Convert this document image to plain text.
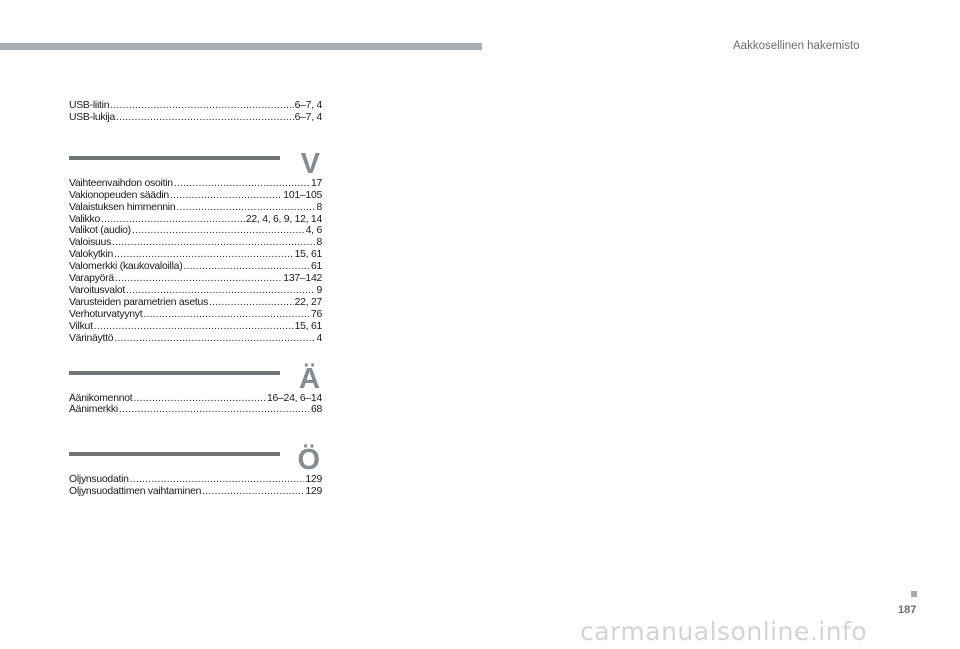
Aakkosellinen hakemisto
USB-liitin .....	6–7, 4
USB-lukija .....	6–7, 4
V
Vaihteenvaihdon osoitin .....	17
Vakionopeuden säädin .....	101–105
Valaistuksen himmennin .....	8
Valikko .....	22, 4, 6, 9, 12, 14
Valikot (audio) .....	4, 6
Valoisuus .....	8
Valokytkin .....	15, 61
Valomerkki (kaukovaloilla) .....	61
Varapyörä .....	137–142
Varoitusvalot .....	9
Varusteiden parametrien asetus .....	22, 27
Verhoturvatyynyt .....	76
Vilkut .....	15, 61
Värinäyttö .....	4
Ä
Äänikomennot .....	16–24, 6–14
Äänimerkki .....	68
Ö
Öljynsuodatin .....	129
Öljynsuodattimen vaihtaminen .....	129
187
carmanualsonline.info
